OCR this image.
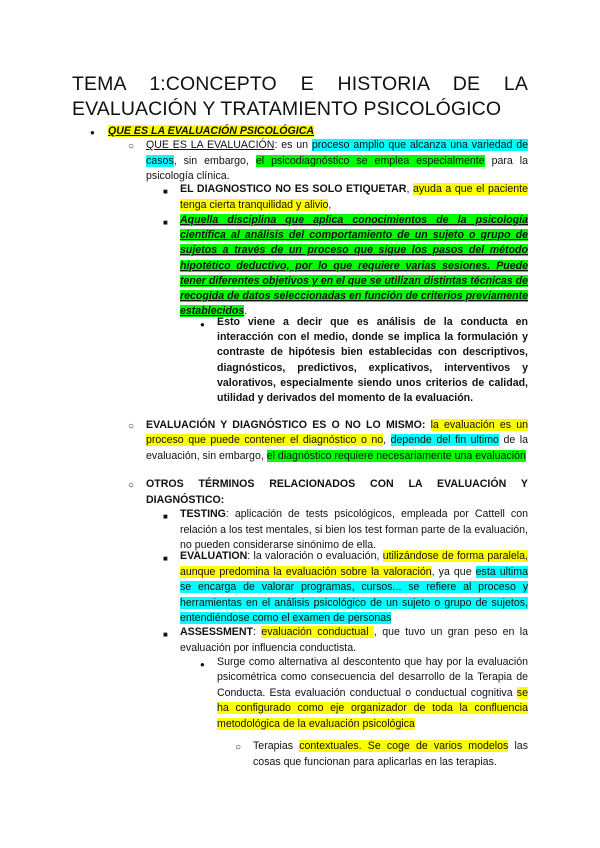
TEMA 1:CONCEPTO E HISTORIA DE LA
EVALUACIÓN Y TRATAMIENTO PSICOLÓGICO
● QUE ES LA EVALUACIÓN PSICOLÓGICA
○ QUE ES LA EVALUACIÓN: es un proceso amplio que alcanza una variedad de casos, sin embargo, el psicodiagnóstico se emplea especialmente para la psicología clínica.
■ EL DIAGNOSTICO NO ES SOLO ETIQUETAR, ayuda a que el paciente tenga cierta tranquilidad y alivio,
■ Aquella disciplina que aplica conocimientos de la psicología científica al análisis del comportamiento de un sujeto o grupo de sujetos a través de un proceso que sigue los pasos del método hipotético deductivo, por lo que requiere varias sesiones. Puede tener diferentes objetivos y en el que se utilizan distintas técnicas de recogida de datos seleccionadas en función de criterios previamente establecidos.
● Esto viene a decir que es análisis de la conducta en interacción con el medio, donde se implica la formulación y contraste de hipótesis bien establecidas con descriptivos, diagnósticos, predictivos, explicativos, interventivos y valorativos, especialmente siendo unos criterios de calidad, utilidad y derivados del momento de la evaluación.
○ EVALUACIÓN Y DIAGNÓSTICO ES O NO LO MISMO: la evaluación es un proceso que puede contener el diagnóstico o no, depende del fin ultimo de la evaluación, sin embargo, el diagnóstico requiere necesariamente una evaluación
○ OTROS TÉRMINOS RELACIONADOS CON LA EVALUACIÓN Y DIAGNÓSTICO:
■ TESTING: aplicación de tests psicológicos, empleada por Cattell con relación a los test mentales, si bien los test forman parte de la evaluación, no pueden considerarse sinónimo de ella.
■ EVALUATION: la valoración o evaluación, utilizándose de forma paralela, aunque predomina la evaluación sobre la valoración, ya que esta ultima se encarga de valorar programas, cursos... se refiere al proceso y herramientas en el análisis psicológico de un sujeto o grupo de sujetos, entendiéndose como el examen de personas
■ ASSESSMENT: evaluación conductual , que tuvo un gran peso en la evaluación por influencia conductista.
● Surge como alternativa al descontento que hay por la evaluación psicométrica como consecuencia del desarrollo de la Terapia de Conducta. Esta evaluación conductual o conductual cognitiva se ha configurado como eje organizador de toda la confluencia metodológica de la evaluación psicológica
○ Terapias contextuales. Se coge de varios modelos las cosas que funcionan para aplicarlas en las terapias.
